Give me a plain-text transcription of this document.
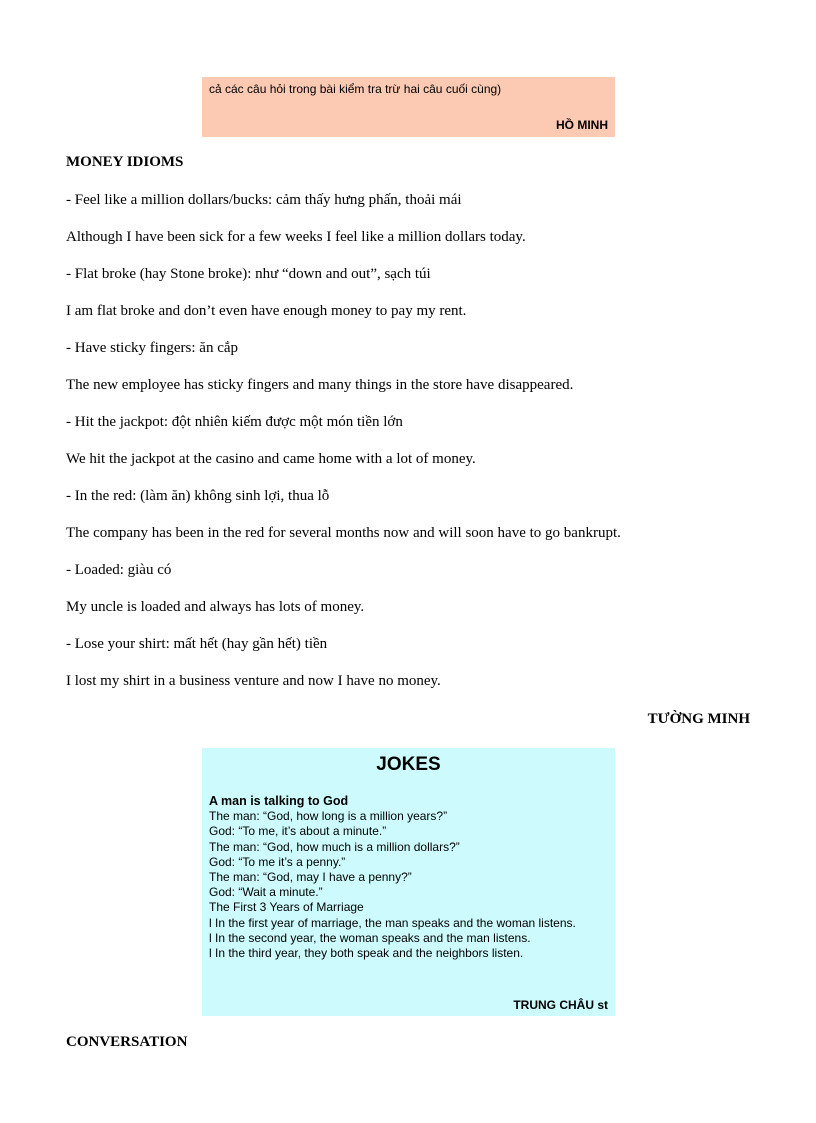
cả các câu hỏi trong bài kiểm tra trừ hai câu cuối cùng)
HỒ MINH
MONEY IDIOMS
- Feel like a million dollars/bucks: cảm thấy hưng phấn, thoải mái
Although I have been sick for a few weeks I feel like a million dollars today.
- Flat broke (hay Stone broke): như “down and out”, sạch túi
I am flat broke and don’t even have enough money to pay my rent.
- Have sticky fingers: ăn cắp
The new employee has sticky fingers and many things in the store have disappeared.
- Hit the jackpot: đột nhiên kiếm được một món tiền lớn
We hit the jackpot at the casino and came home with a lot of money.
- In the red: (làm ăn) không sinh lợi, thua lỗ
The company has been in the red for several months now and will soon have to go bankrupt.
- Loaded: giàu có
My uncle is loaded and always has lots of money.
- Lose your shirt: mất hết (hay gần hết) tiền
I lost my shirt in a business venture and now I have no money.
TƯỜNG MINH
JOKES
A man is talking to God
The man: “God, how long is a million years?”
God: “To me, it’s about a minute.”
The man: “God, how much is a million dollars?”
God: “To me it’s a penny.”
The man: “God, may I have a penny?”
God: “Wait a minute.”
The First 3 Years of Marriage
l In the first year of marriage, the man speaks and the woman listens.
l In the second year, the woman speaks and the man listens.
l In the third year, they both speak and the neighbors listen.
TRUNG CHÂU st
CONVERSATION
